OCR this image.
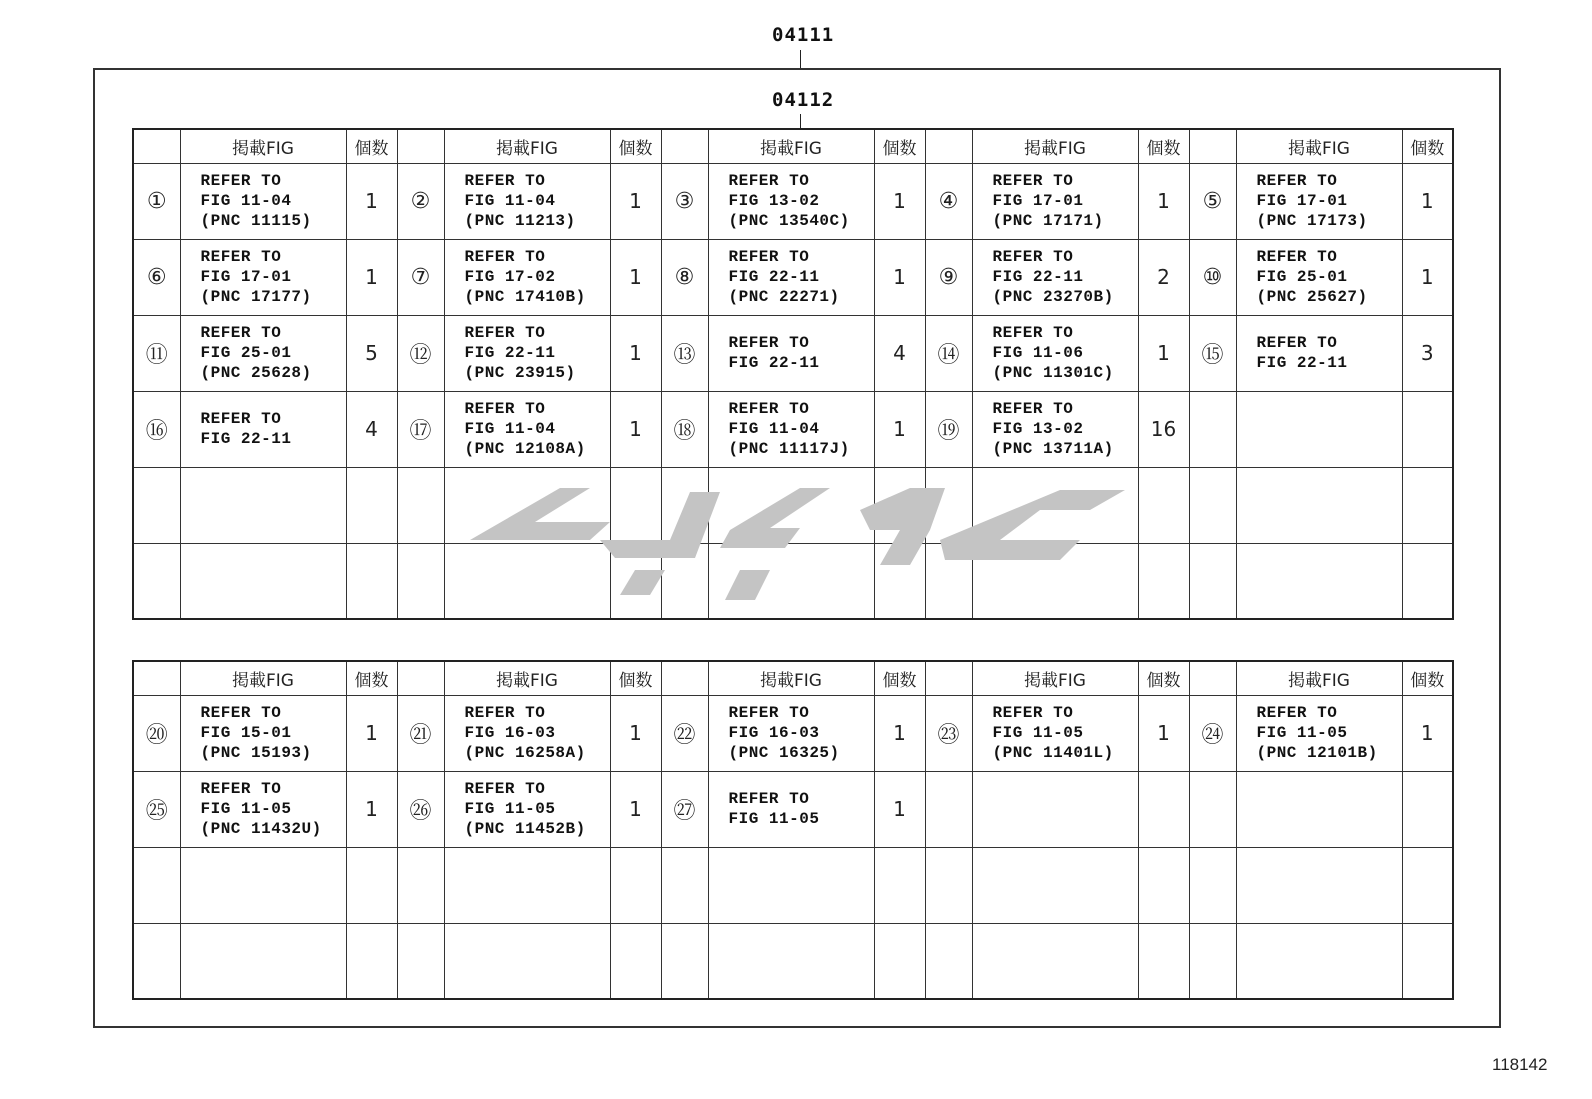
04111
04112
	掲載FIG	個数		掲載FIG	個数		掲載FIG	個数		掲載FIG	個数		掲載FIG	個数
①	REFER TO
FIG 11-04
(PNC 11115)	1	②	REFER TO
FIG 11-04
(PNC 11213)	1	③	REFER TO
FIG 13-02
(PNC 13540C)	1	④	REFER TO
FIG 17-01
(PNC 17171)	1	⑤	REFER TO
FIG 17-01
(PNC 17173)	1
⑥	REFER TO
FIG 17-01
(PNC 17177)	1	⑦	REFER TO
FIG 17-02
(PNC 17410B)	1	⑧	REFER TO
FIG 22-11
(PNC 22271)	1	⑨	REFER TO
FIG 22-11
(PNC 23270B)	2	⑩	REFER TO
FIG 25-01
(PNC 25627)	1
⑪	REFER TO
FIG 25-01
(PNC 25628)	5	⑫	REFER TO
FIG 22-11
(PNC 23915)	1	⑬	REFER TO
FIG 22-11	4	⑭	REFER TO
FIG 11-06
(PNC 11301C)	1	⑮	REFER TO
FIG 22-11	3
⑯	REFER TO
FIG 22-11	4	⑰	REFER TO
FIG 11-04
(PNC 12108A)	1	⑱	REFER TO
FIG 11-04
(PNC 11117J)	1	⑲	REFER TO
FIG 13-02
(PNC 13711A)	16			

	掲載FIG	個数		掲載FIG	個数		掲載FIG	個数		掲載FIG	個数		掲載FIG	個数
⑳	REFER TO
FIG 15-01
(PNC 15193)	1	㉑	REFER TO
FIG 16-03
(PNC 16258A)	1	㉒	REFER TO
FIG 16-03
(PNC 16325)	1	㉓	REFER TO
FIG 11-05
(PNC 11401L)	1	㉔	REFER TO
FIG 11-05
(PNC 12101B)	1
㉕	REFER TO
FIG 11-05
(PNC 11432U)	1	㉖	REFER TO
FIG 11-05
(PNC 11452B)	1	㉗	REFER TO
FIG 11-05	1						

118142
